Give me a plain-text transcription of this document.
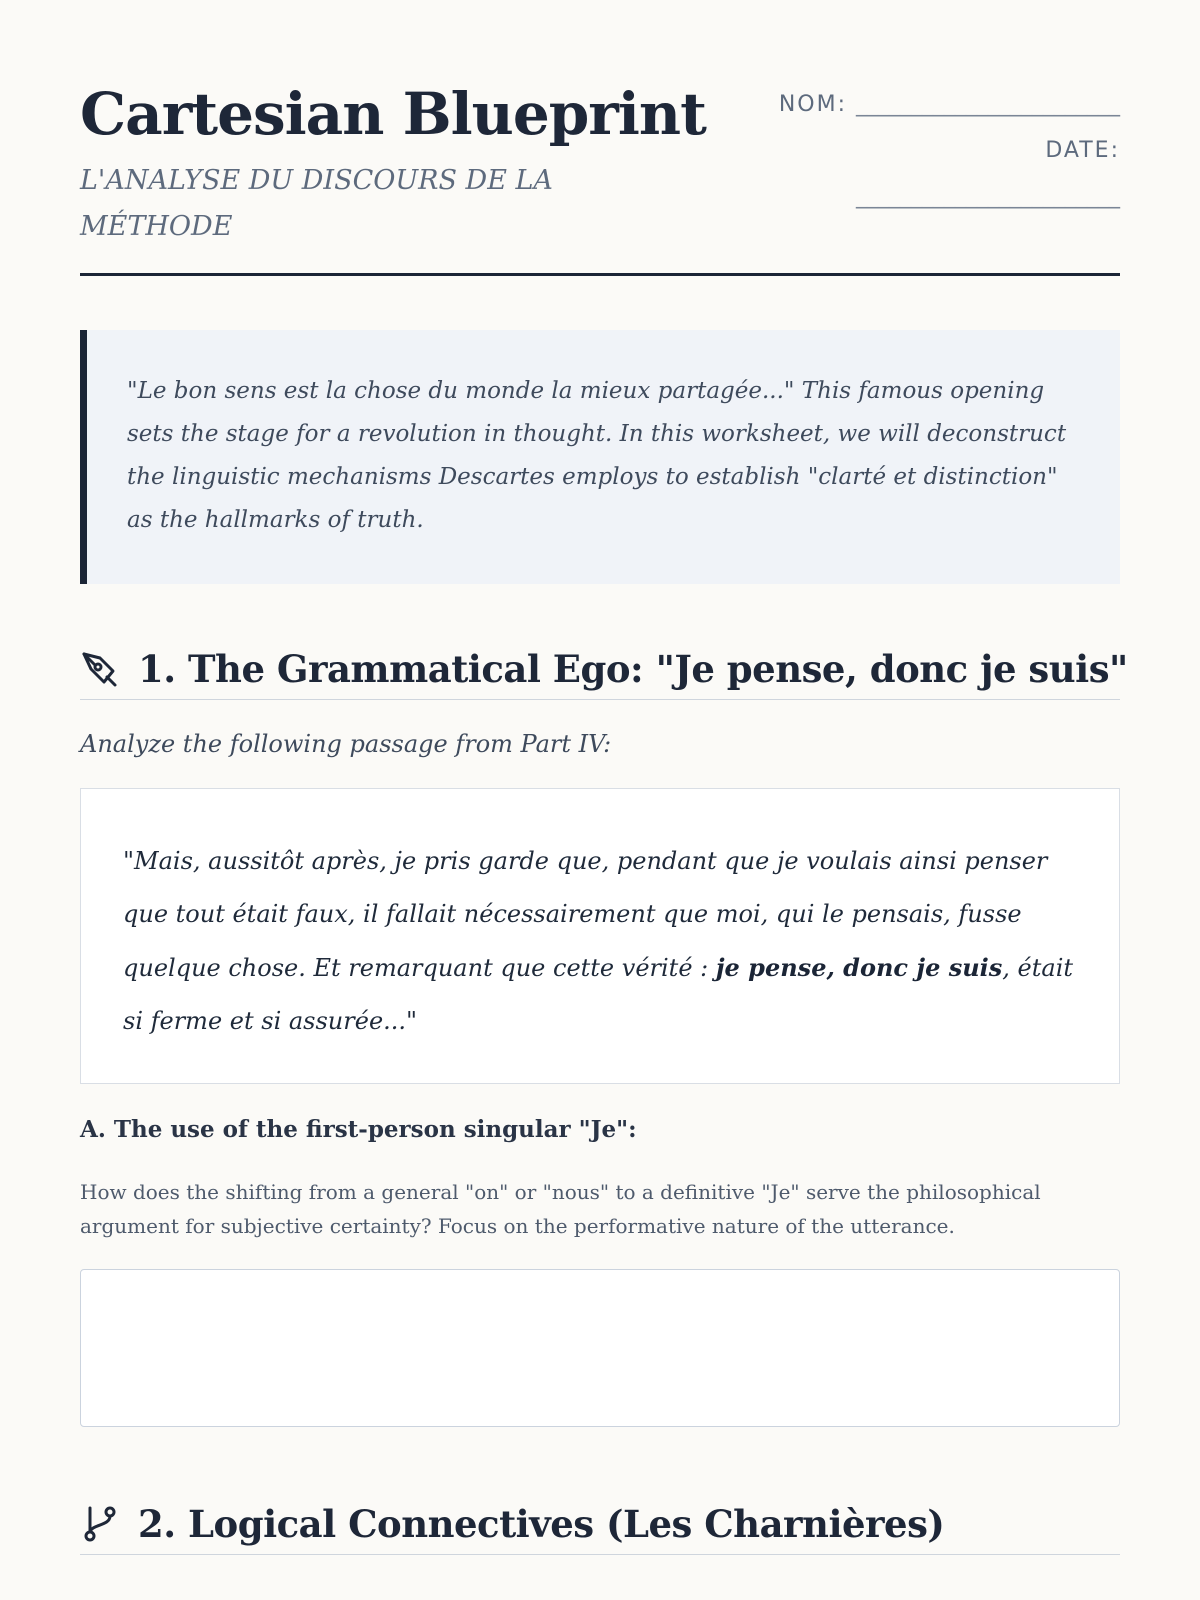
Cartesian Blueprint

L'ANALYSE DU DISCOURS DE LA MÉTHODE

NOM: ________________________
DATE:
________________________
"Le bon sens est la chose du monde la mieux partagée..." This famous opening sets the stage for a revolution in thought. In this worksheet, we will deconstruct the linguistic mechanisms Descartes employs to establish "clarté et distinction" as the hallmarks of truth.
1. The Grammatical Ego: "Je pense, donc je suis"
Analyze the following passage from Part IV:
"Mais, aussitôt après, je pris garde que, pendant que je voulais ainsi penser que tout était faux, il fallait nécessairement que moi, qui le pensais, fusse quelque chose. Et remarquant que cette vérité : je pense, donc je suis, était si ferme et si assurée..."
A. The use of the first-person singular "Je":
How does the shifting from a general "on" or "nous" to a definitive "Je" serve the philosophical argument for subjective certainty? Focus on the performative nature of the utterance.
2. Logical Connectives (Les Charnières)
